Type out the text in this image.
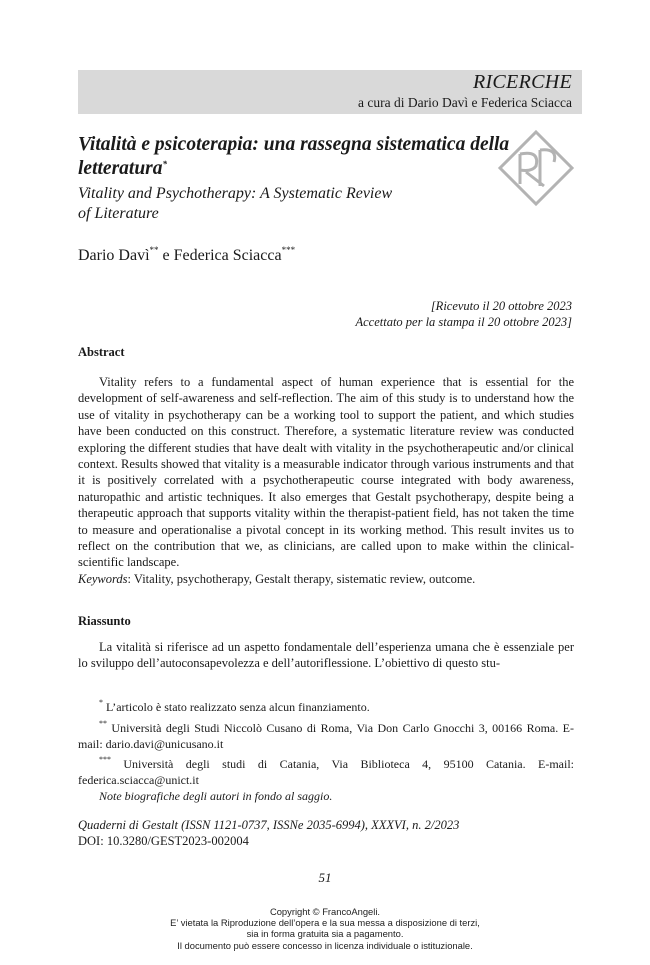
RICERCHE
a cura di Dario Davì e Federica Sciacca
Vitalità e psicoterapia: una rassegna sistematica della letteratura*
Vitality and Psychotherapy: A Systematic Review
of Literature
Dario Davì** e Federica Sciacca***
[Ricevuto il 20 ottobre 2023
Accettato per la stampa il 20 ottobre 2023]
Abstract

Vitality refers to a fundamental aspect of human experience that is essential for the development of self-awareness and self-reflection. The aim of this study is to understand how the use of vitality in psychotherapy can be a working tool to support the patient, and which studies have been conducted on this construct. Therefore, a systematic literature review was conducted exploring the different studies that have dealt with vitality in the psychotherapeutic and/or clinical context. Results showed that vitality is a measurable indicator through various instruments and that it is positively correlated with a psychotherapeutic course integrated with body awareness, naturopathic and artistic techniques. It also emerges that Gestalt psychotherapy, despite being a therapeutic approach that supports vitality within the therapist-patient field, has not taken the time to measure and operationalise a pivotal concept in its working method. This result invites us to reflect on the contribution that we, as clinicians, are called upon to make within the clinical-scientific landscape.

Keywords: Vitality, psychotherapy, Gestalt therapy, sistematic review, outcome.
Riassunto

La vitalità si riferisce ad un aspetto fondamentale dell’esperienza umana che è essenziale per lo sviluppo dell’autoconsapevolezza e dell’autoriflessione. L’obiettivo di questo stu-

* L’articolo è stato realizzato senza alcun finanziamento.

** Università degli Studi Niccolò Cusano di Roma, Via Don Carlo Gnocchi 3, 00166 Roma. E-mail: dario.davi@unicusano.it

*** Università degli studi di Catania, Via Biblioteca 4, 95100 Catania. E-mail: federica.sciacca@unict.it

Note biografiche degli autori in fondo al saggio.
Quaderni di Gestalt (ISSN 1121-0737, ISSNe 2035-6994), XXXVI, n. 2/2023
DOI: 10.3280/GEST2023-002004
51
Copyright © FrancoAngeli.
E’ vietata la Riproduzione dell’opera e la sua messa a disposizione di terzi,
sia in forma gratuita sia a pagamento.
Il documento può essere concesso in licenza individuale o istituzionale.
